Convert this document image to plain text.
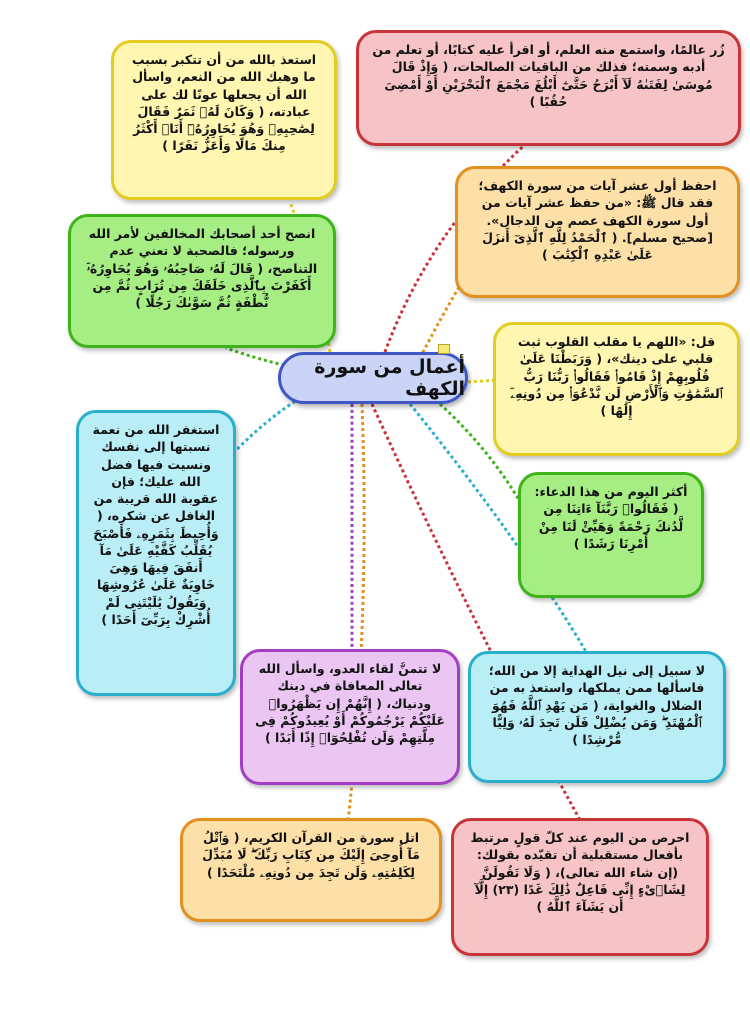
زُر عالمًا، واستمع منه العلم، أو اقرأ عليه كتابًا، أو تعلم من أدبه وسمته؛ فذلك من الباقيات الصالحات، ( وَإِذْ قَالَ مُوسَىٰ لِفَتَىٰهُ لَآ أَبْرَحُ حَتَّىٰٓ أَبْلُغَ مَجْمَعَ ٱلْبَحْرَيْنِ أَوْ أَمْضِىَ حُقُبًا )
احفظ أول عشر آيات من سورة الكهف؛ فقد قال ﷺ: «من حفظ عشر آيات من أول سورة الكهف عصم من الدجال». [صحيح مسلم]. ( ٱلْحَمْدُ لِلَّهِ ٱلَّذِىٓ أَنزَلَ عَلَىٰ عَبْدِهِ ٱلْكِتَٰبَ )
قل: «اللهم يا مقلب القلوب ثبت قلبي على دينك»، ( وَرَبَطْنَا عَلَىٰ قُلُوبِهِمْ إِذْ قَامُوا۟ فَقَالُوا۟ رَبُّنَا رَبُّ ٱلسَّمَٰوَٰتِ وَٱلْأَرْضِ لَن نَّدْعُوَا۟ مِن دُونِهِۦٓ إِلَٰهًا )
أكثر اليوم من هذا الدعاء: ( فَقَالُوا۟ رَبَّنَآ ءَاتِنَا مِن لَّدُنكَ رَحْمَةً وَهَيِّئْ لَنَا مِنْ أَمْرِنَا رَشَدًا )
لا سبيل إلى نيل الهداية إلا من الله؛ فاسألها ممن يملكها، واستعذ به من الضلال والغواية، ( مَن يَهْدِ ٱللَّهُ فَهُوَ ٱلْمُهْتَدِ ۖ وَمَن يُضْلِلْ فَلَن تَجِدَ لَهُۥ وَلِيًّا مُّرْشِدًا )
احرص من اليوم عند كلّ قولٍ مرتبط بأفعال مستقبلية أن تقيّده بقولك: (إن شاء الله تعالى)، ( وَلَا تَقُولَنَّ لِشَا۟ىْءٍ إِنِّى فَاعِلٌ ذَٰلِكَ غَدًا (٢٣) إِلَّآ أَن يَشَآءَ ٱللَّهُ )
اتل سورة من القرآن الكريم، ( وَٱتْلُ مَآ أُوحِىَ إِلَيْكَ مِن كِتَابِ رَبِّكَ ۖ لَا مُبَدِّلَ لِكَلِمَٰتِهِۦ وَلَن تَجِدَ مِن دُونِهِۦ مُلْتَحَدًا )
لا تتمنَّ لقاء العدو، واسأل الله تعالى المعافاة في دينك ودنياك، ( إِنَّهُمْ إِن يَظْهَرُوا۟ عَلَيْكُمْ يَرْجُمُوكُمْ أَوْ يُعِيدُوكُمْ فِى مِلَّتِهِمْ وَلَن تُفْلِحُوٓا۟ إِذًا أَبَدًا )
استغفر الله من نعمة نسبتها إلى نفسك ونسيت فيها فضل الله عليك؛ فإن عقوبة الله قريبة من الغافل عن شكره، ( وَأُحِيطَ بِثَمَرِهِۦ فَأَصْبَحَ يُقَلِّبُ كَفَّيْهِ عَلَىٰ مَآ أَنفَقَ فِيهَا وَهِىَ خَاوِيَةٌ عَلَىٰ عُرُوشِهَا وَيَقُولُ يَٰلَيْتَنِى لَمْ أُشْرِكْ بِرَبِّىٓ أَحَدًا )
انصح أحد أصحابك المخالفين لأمر الله ورسوله؛ فالصحبة لا تعني عدم التناصح، ( قَالَ لَهُۥ صَاحِبُهُۥ وَهُوَ يُحَاوِرُهُۥٓ أَكَفَرْتَ بِٱلَّذِى خَلَقَكَ مِن تُرَابٍ ثُمَّ مِن نُّطْفَةٍ ثُمَّ سَوَّىٰكَ رَجُلًا )
استعذ بالله من أن تتكبر بسبب ما وهبك الله من النعم، واسأل الله أن يجعلها عونًا لك على عبادته، ( وَكَانَ لَهُۥ ثَمَرٌ فَقَالَ لِصَٰحِبِهِۦ وَهُوَ يُحَاوِرُهُۥٓ أَنَا۠ أَكْثَرُ مِنكَ مَالًا وَأَعَزُّ نَفَرًا )
أعمال من سورة الكهف
